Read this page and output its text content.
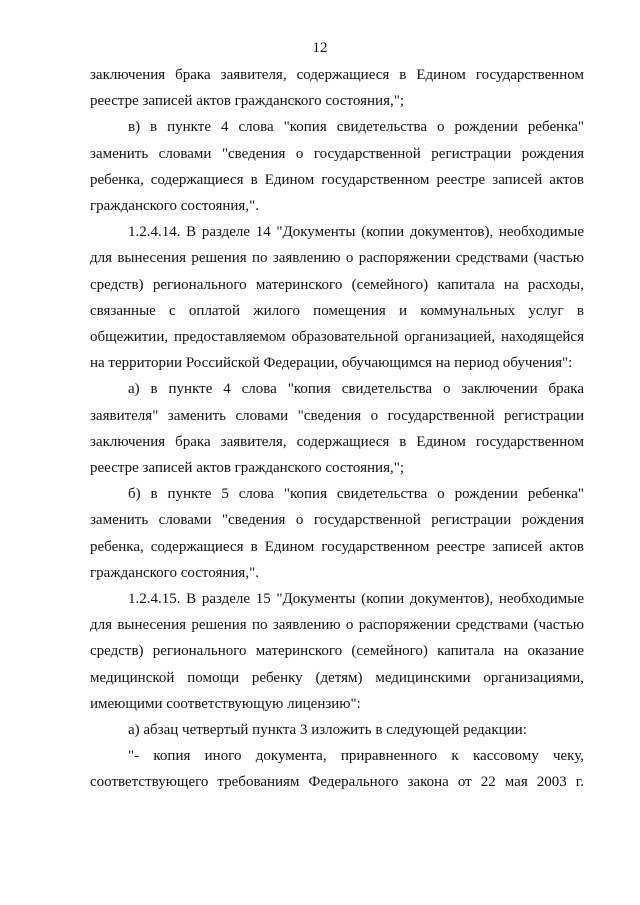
12

заключения брака заявителя, содержащиеся в Едином государственном реестре записей актов гражданского состояния,";

в) в пункте 4 слова "копия свидетельства о рождении ребенка" заменить словами "сведения о государственной регистрации рождения ребенка, содержащиеся в Едином государственном реестре записей актов гражданского состояния,".

1.2.4.14. В разделе 14 "Документы (копии документов), необходимые для вынесения решения по заявлению о распоряжении средствами (частью средств) регионального материнского (семейного) капитала на расходы, связанные с оплатой жилого помещения и коммунальных услуг в общежитии, предоставляемом образовательной организацией, находящейся на территории Российской Федерации, обучающимся на период обучения":

а) в пункте 4 слова "копия свидетельства о заключении брака заявителя" заменить словами "сведения о государственной регистрации заключения брака заявителя, содержащиеся в Едином государственном реестре записей актов гражданского состояния,";

б) в пункте 5 слова "копия свидетельства о рождении ребенка" заменить словами "сведения о государственной регистрации рождения ребенка, содержащиеся в Едином государственном реестре записей актов гражданского состояния,".

1.2.4.15. В разделе 15 "Документы (копии документов), необходимые для вынесения решения по заявлению о распоряжении средствами (частью средств) регионального материнского (семейного) капитала на оказание медицинской помощи ребенку (детям) медицинскими организациями, имеющими соответствующую лицензию":

а) абзац четвертый пункта 3 изложить в следующей редакции:

"- копия иного документа, приравненного к кассовому чеку, соответствующего требованиям Федерального закона от 22 мая 2003 г.
